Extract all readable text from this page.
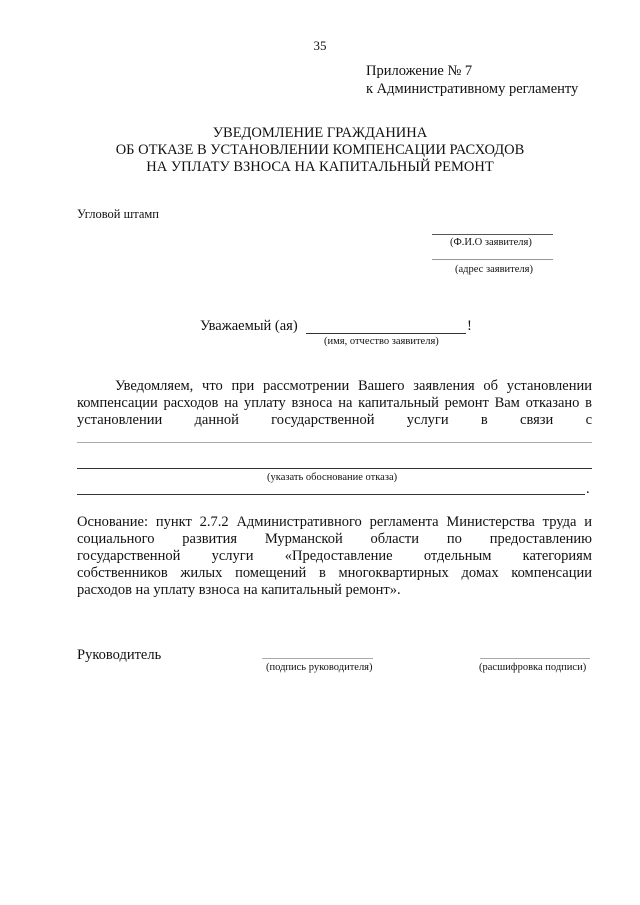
35
Приложение № 7
к Административному регламенту
УВЕДОМЛЕНИЕ ГРАЖДАНИНА
ОБ ОТКАЗЕ В УСТАНОВЛЕНИИ КОМПЕНСАЦИИ РАСХОДОВ
НА УПЛАТУ ВЗНОСА НА КАПИТАЛЬНЫЙ РЕМОНТ
Угловой штамп
(Ф.И.О заявителя)
(адрес заявителя)
Уважаемый (ая)	!
(имя, отчество заявителя)
Уведомляем, что при рассмотрении Вашего заявления об установлении
компенсации расходов на уплату взноса на капитальный ремонт Вам отказано в
установлении данной государственной услуги в связи с
(указать обоснование отказа)
.
Основание: пункт 2.7.2 Административного регламента Министерства труда и
социального развития Мурманской области по предоставлению
государственной услуги «Предоставление отдельным категориям
собственников жилых помещений в многоквартирных домах компенсации
расходов на уплату взноса на капитальный ремонт».
Руководитель
(подпись руководителя)	(расшифровка подписи)
